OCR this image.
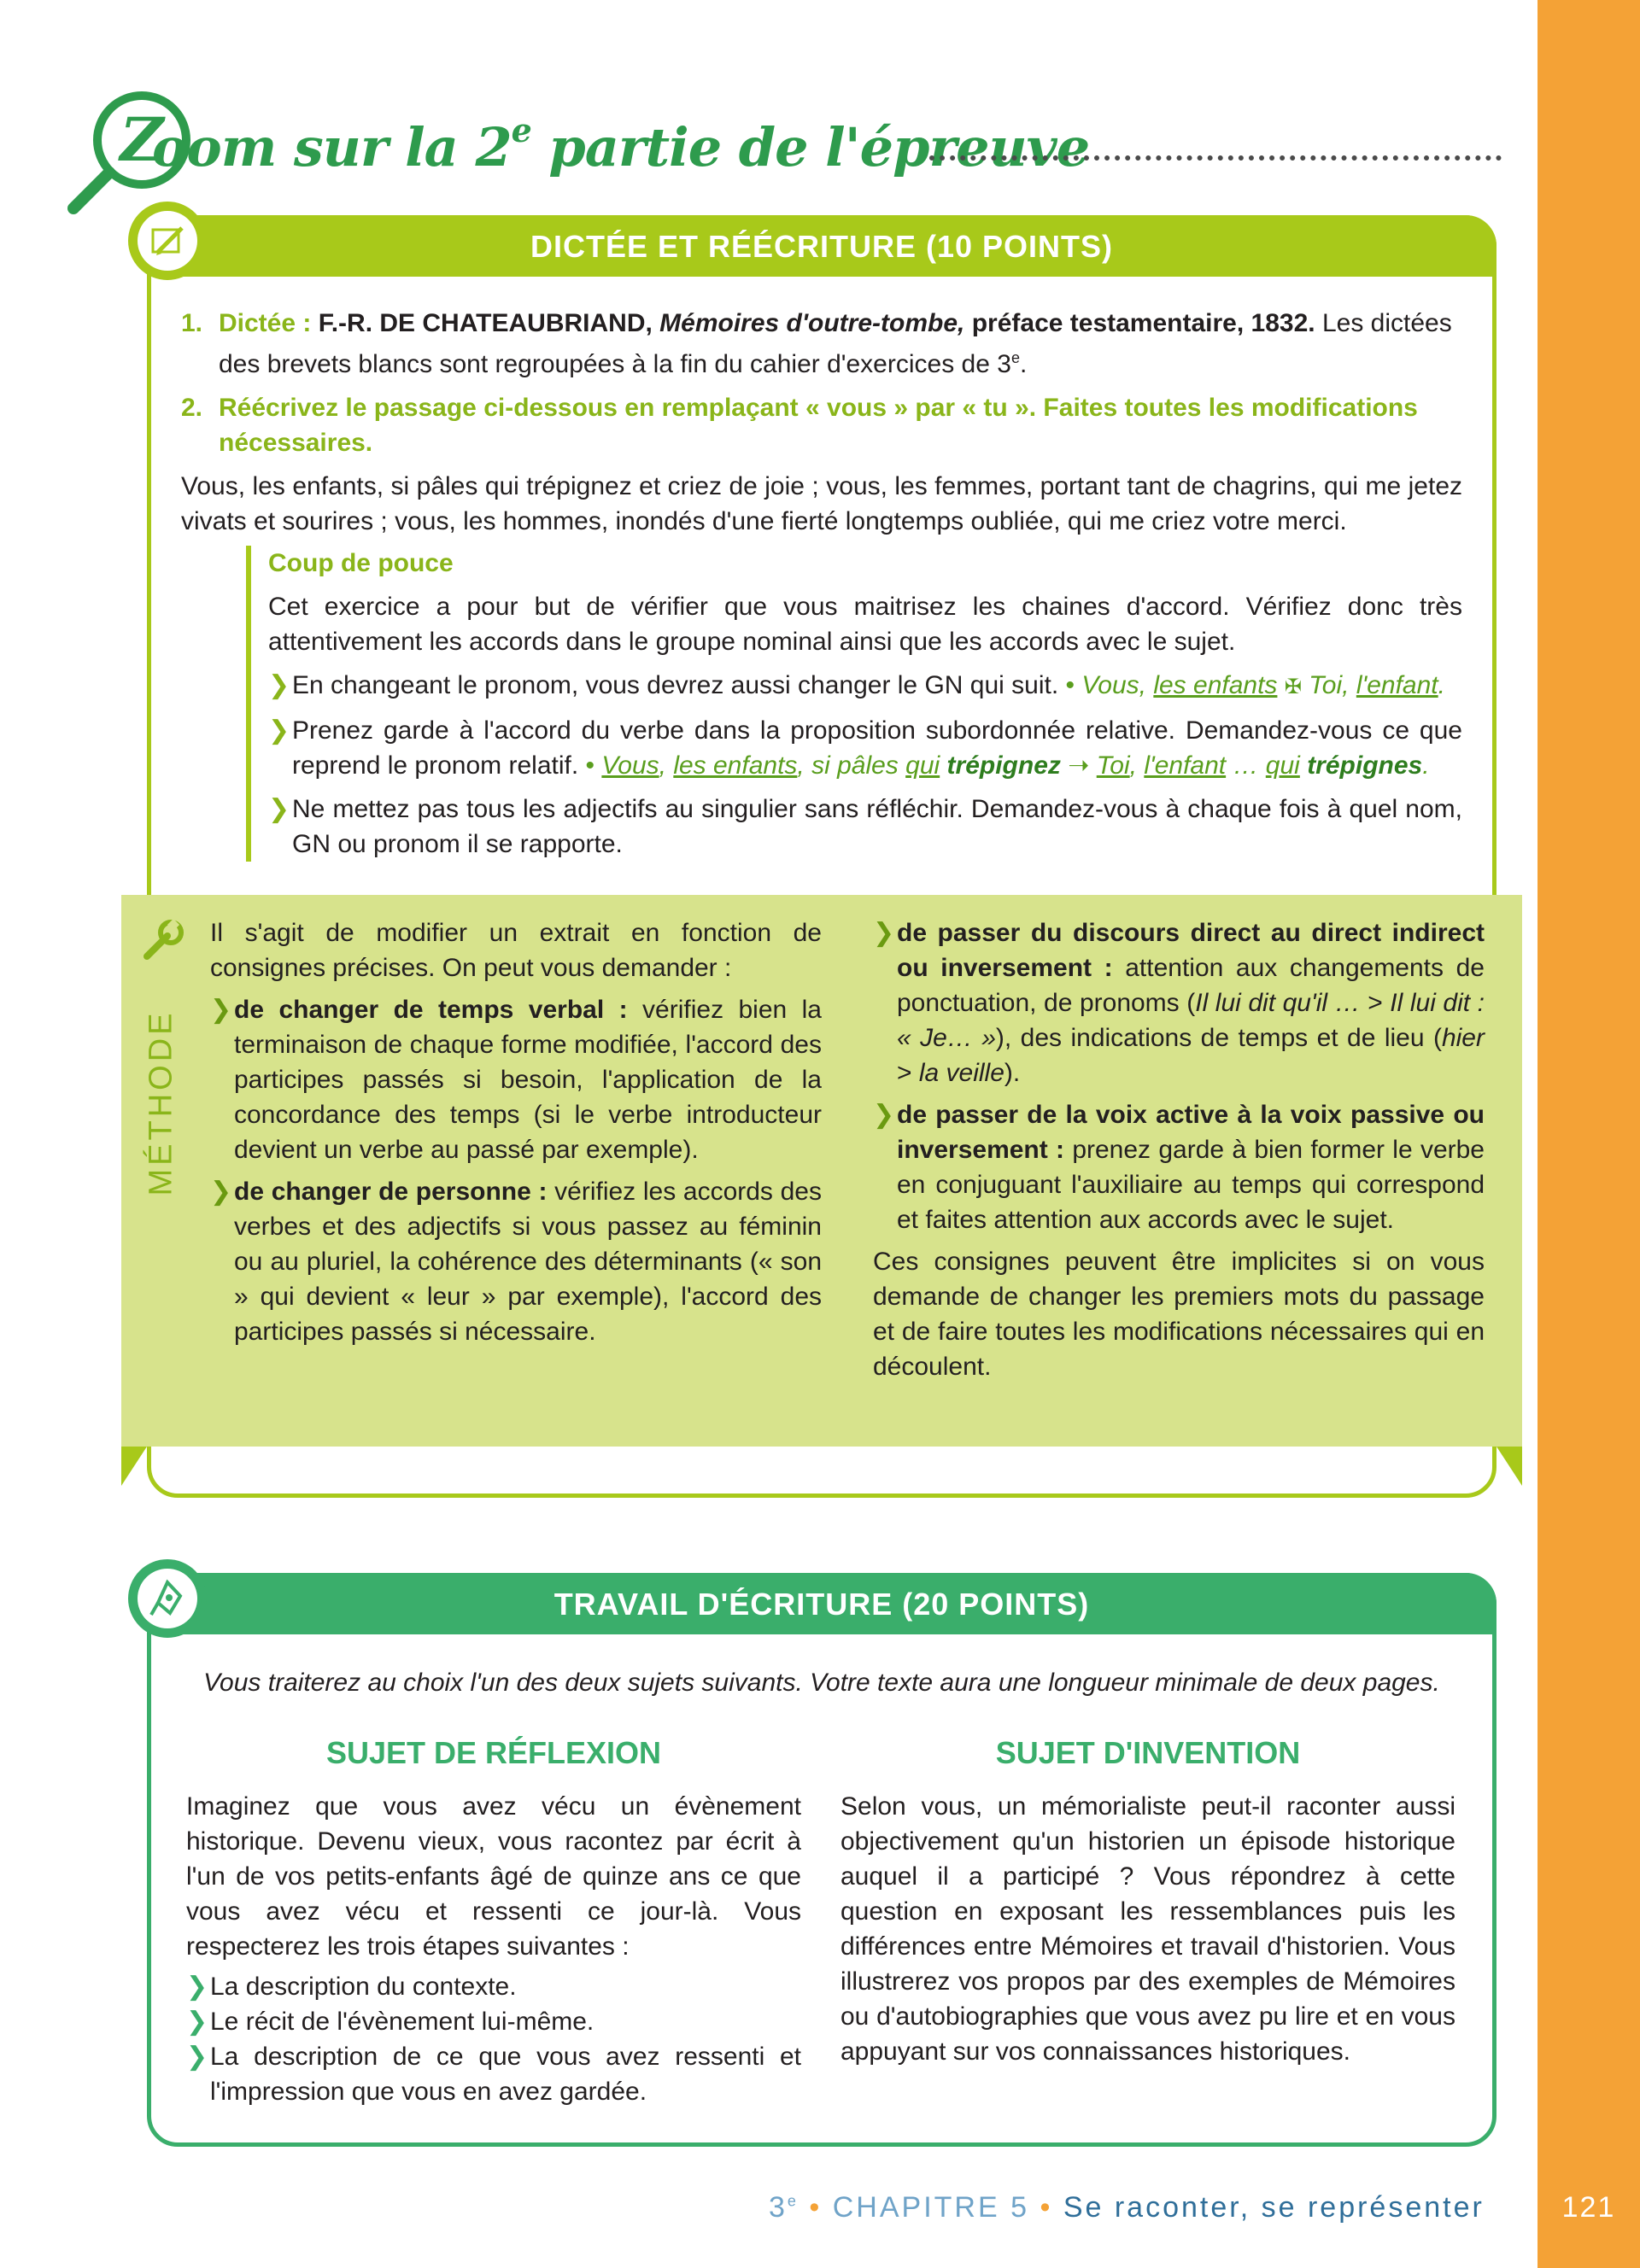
Z
oom sur la 2e partie de l'épreuve
DICTÉE ET RÉÉCRITURE (10 POINTS)
1. Dictée : F.-R. DE CHATEAUBRIAND, Mémoires d'outre-tombe, préface testamentaire, 1832. Les dictées des brevets blancs sont regroupées à la fin du cahier d'exercices de 3e.
2. Réécrivez le passage ci-dessous en remplaçant « vous » par « tu ». Faites toutes les modifications nécessaires.
Vous, les enfants, si pâles qui trépignez et criez de joie ; vous, les femmes, portant tant de chagrins, qui me jetez vivats et sourires ; vous, les hommes, inondés d'une fierté longtemps oubliée, qui me criez votre merci.
Coup de pouce
Cet exercice a pour but de vérifier que vous maitrisez les chaines d'accord. Vérifiez donc très attentivement les accords dans le groupe nominal ainsi que les accords avec le sujet.
❯ En changeant le pronom, vous devrez aussi changer le GN qui suit. • Vous, les enfants ✠ Toi, l'enfant.
❯ Prenez garde à l'accord du verbe dans la proposition subordonnée relative. Demandez-vous ce que reprend le pronom relatif. • Vous, les enfants, si pâles qui trépignez ➝ Toi, l'enfant … qui trépignes.
❯ Ne mettez pas tous les adjectifs au singulier sans réfléchir. Demandez-vous à chaque fois à quel nom, GN ou pronom il se rapporte.
MÉTHODE
Il s'agit de modifier un extrait en fonction de consignes précises. On peut vous demander :
❯ de changer de temps verbal : vérifiez bien la terminaison de chaque forme modifiée, l'accord des participes passés si besoin, l'application de la concordance des temps (si le verbe introducteur devient un verbe au passé par exemple).
❯ de changer de personne : vérifiez les accords des verbes et des adjectifs si vous passez au féminin ou au pluriel, la cohérence des déterminants (« son » qui devient « leur » par exemple), l'accord des participes passés si nécessaire.
❯ de passer du discours direct au direct indirect ou inversement : attention aux changements de ponctuation, de pronoms (Il lui dit qu'il … > Il lui dit : « Je… »), des indications de temps et de lieu (hier > la veille).
❯ de passer de la voix active à la voix passive ou inversement : prenez garde à bien former le verbe en conjuguant l'auxiliaire au temps qui correspond et faites attention aux accords avec le sujet.
Ces consignes peuvent être implicites si on vous demande de changer les premiers mots du passage et de faire toutes les modifications nécessaires qui en découlent.
TRAVAIL D'ÉCRITURE (20 POINTS)
Vous traiterez au choix l'un des deux sujets suivants. Votre texte aura une longueur minimale de deux pages.
SUJET DE RÉFLEXION
Imaginez que vous avez vécu un évènement historique. Devenu vieux, vous racontez par écrit à l'un de vos petits-enfants âgé de quinze ans ce que vous avez vécu et ressenti ce jour-là. Vous respecterez les trois étapes suivantes :
❯ La description du contexte.
❯ Le récit de l'évènement lui-même.
❯ La description de ce que vous avez ressenti et l'impression que vous en avez gardée.
SUJET D'INVENTION
Selon vous, un mémorialiste peut-il raconter aussi objectivement qu'un historien un épisode historique auquel il a participé ? Vous répondrez à cette question en exposant les ressemblances puis les différences entre Mémoires et travail d'historien. Vous illustrerez vos propos par des exemples de Mémoires ou d'autobiographies que vous avez pu lire et en vous appuyant sur vos connaissances historiques.
3e • CHAPITRE 5 • Se raconter, se représenter	121
